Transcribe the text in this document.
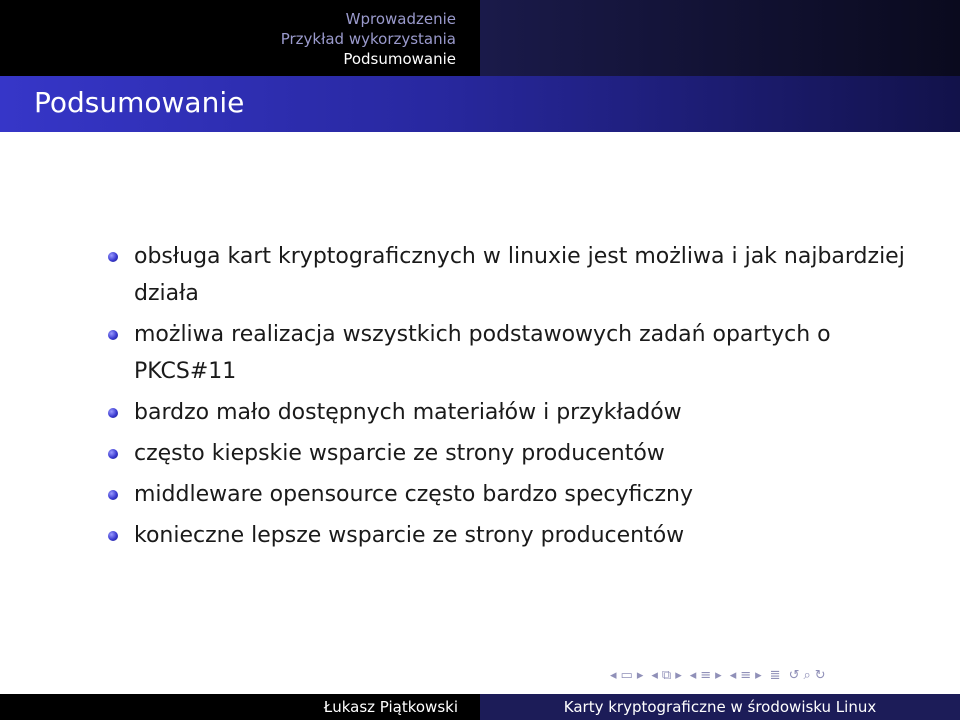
Wprowadzenie
Przykład wykorzystania
Podsumowanie
Podsumowanie
obsługa kart kryptograficznych w linuxie jest możliwa i jak najbardziej działa
możliwa realizacja wszystkich podstawowych zadań opartych o PKCS#11
bardzo mało dostępnych materiałów i przykładów
często kiepskie wsparcie ze strony producentów
middleware opensource często bardzo specyficzny
konieczne lepsze wsparcie ze strony producentów
◂ ▭ ▸ ◂ ⧉ ▸ ◂ ≡ ▸ ◂ ≡ ▸ ≣ ↺ ⌕ ↻
Łukasz Piątkowski	Karty kryptograficzne w środowisku Linux
